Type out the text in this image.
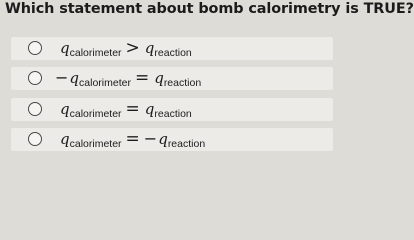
Which statement about bomb calorimetry is TRUE?
$q_{calorimeter} > q_{reaction}$
$-q_{calorimeter} = q_{reaction}$
$q_{calorimeter} = q_{reaction}$
$q_{calorimeter} = -q_{reaction}$
